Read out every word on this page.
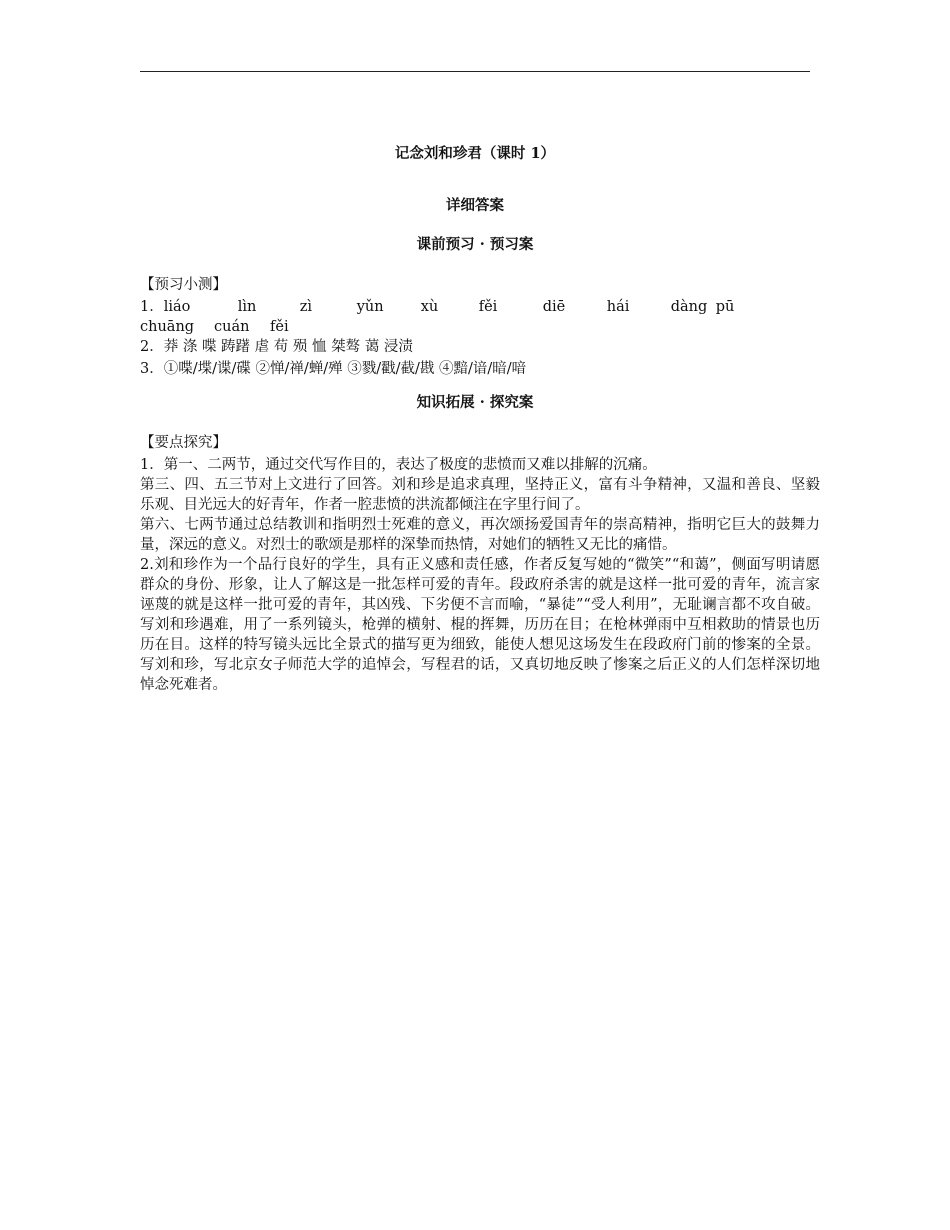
记念刘和珍君（课时 1）
详细答案
课前预习 · 预习案
【预习小测】
1． liáo	lìn	zì	yǔn	xù	fěi	diē	hái	dàng pū
chuāng	cuán	fěi
2．莽 涤 喋 踌躇 虐 苟 殒 恤 桀骜 蔼 浸渍
3．①喋/堞/谍/碟 ②惮/禅/蝉/殚 ③戮/戳/截/戡 ④黯/谙/暗/喑
知识拓展 · 探究案
【要点探究】
1．第一、二两节，通过交代写作目的，表达了极度的悲愤而又难以排解的沉痛。
第三、四、五三节对上文进行了回答。刘和珍是追求真理，坚持正义，富有斗争精神，又温和善良、坚毅乐观、目光远大的好青年，作者一腔悲愤的洪流都倾注在字里行间了。
第六、七两节通过总结教训和指明烈士死难的意义，再次颂扬爱国青年的崇高精神，指明它巨大的鼓舞力量，深远的意义。对烈士的歌颂是那样的深挚而热情，对她们的牺牲又无比的痛惜。
2.刘和珍作为一个品行良好的学生，具有正义感和责任感，作者反复写她的“微笑”“和蔼”，侧面写明请愿群众的身份、形象，让人了解这是一批怎样可爱的青年。段政府杀害的就是这样一批可爱的青年，流言家诬蔑的就是这样一批可爱的青年，其凶残、下劣便不言而喻，“暴徒”“受人利用”，无耻谰言都不攻自破。写刘和珍遇难，用了一系列镜头，枪弹的横射、棍的挥舞，历历在目；在枪林弹雨中互相救助的情景也历历在目。这样的特写镜头远比全景式的描写更为细致，能使人想见这场发生在段政府门前的惨案的全景。写刘和珍，写北京女子师范大学的追悼会，写程君的话，又真切地反映了惨案之后正义的人们怎样深切地悼念死难者。
